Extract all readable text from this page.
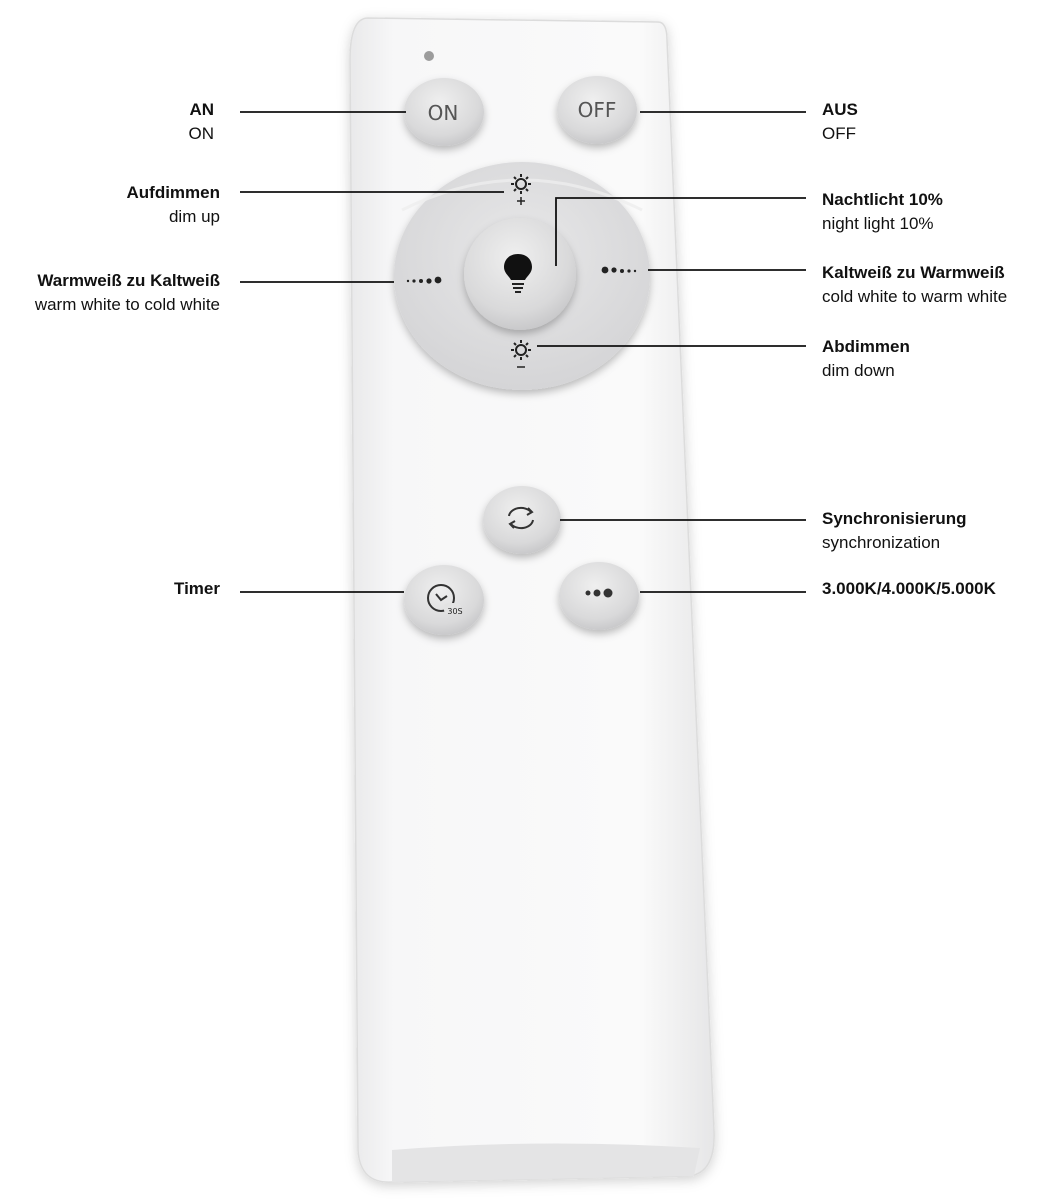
ON	OFF
30S
AN
ON
Aufdimmen
dim up
Warmweiß zu Kaltweiß
warm white to cold white
Timer
AUS
OFF
Nachtlicht 10%
night light 10%
Kaltweiß zu Warmweiß
cold white to warm white
Abdimmen
dim down
Synchronisierung
synchronization
3.000K/4.000K/5.000K
